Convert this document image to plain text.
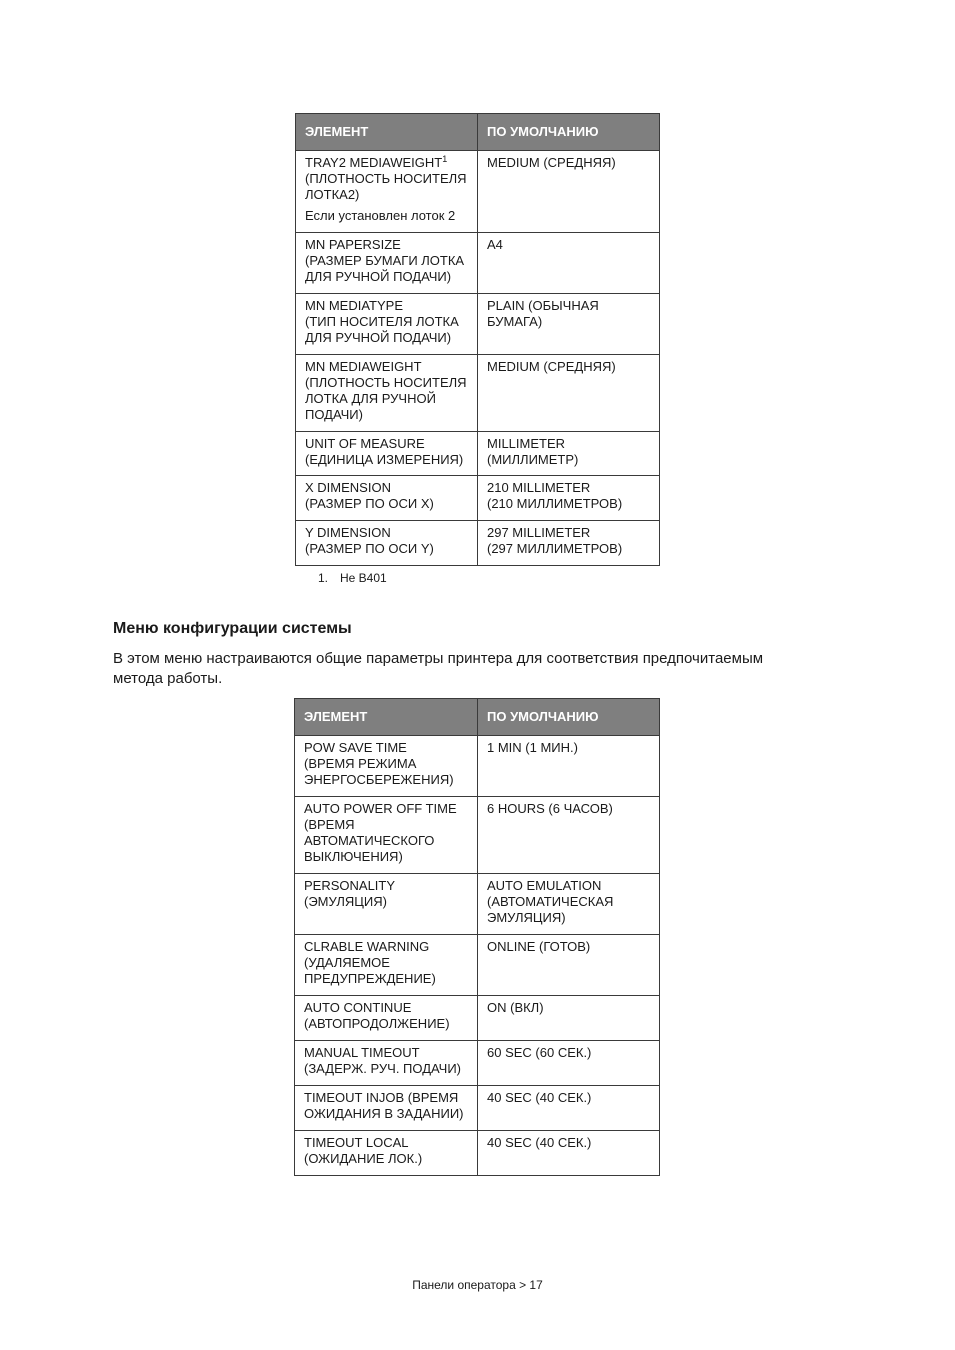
ЭЛЕМЕНТ	ПО УМОЛЧАНИЮ

TRAY2 MEDIAWEIGHT$^1$
(ПЛОТНОСТЬ НОСИТЕЛЯ
ЛОТКА2)
Если установлен лоток 2	MEDIUM (СРЕДНЯЯ)

MN PAPERSIZE
(РАЗМЕР БУМАГИ ЛОТКА
ДЛЯ РУЧНОЙ ПОДАЧИ)	A4

MN MEDIATYPE
(ТИП НОСИТЕЛЯ ЛОТКА
ДЛЯ РУЧНОЙ ПОДАЧИ)	PLAIN (ОБЫЧНАЯ БУМАГА)

MN MEDIAWEIGHT
(ПЛОТНОСТЬ НОСИТЕЛЯ
ЛОТКА ДЛЯ РУЧНОЙ
ПОДАЧИ)	MEDIUM (СРЕДНЯЯ)

UNIT OF MEASURE
(ЕДИНИЦА ИЗМЕРЕНИЯ)	MILLIMETER
(МИЛЛИМЕТР)

X DIMENSION
(РАЗМЕР ПО ОСИ X)	210 MILLIMETER
(210 МИЛЛИМЕТРОВ)

Y DIMENSION
(РАЗМЕР ПО ОСИ Y)	297 MILLIMETER
(297 МИЛЛИМЕТРОВ)
1. Не B401
Меню конфигурации системы

В этом меню настраиваются общие параметры принтера для соответствия предпочитаемым
метода работы.

ЭЛЕМЕНТ	ПО УМОЛЧАНИЮ

POW SAVE TIME
(ВРЕМЯ РЕЖИМА
ЭНЕРГОСБЕРЕЖЕНИЯ)	1 MIN (1 МИН.)

AUTO POWER OFF TIME
(ВРЕМЯ
АВТОМАТИЧЕСКОГО
ВЫКЛЮЧЕНИЯ)	6 HOURS (6 ЧАСОВ)

PERSONALITY
(ЭМУЛЯЦИЯ)	AUTO EMULATION
(АВТОМАТИЧЕСКАЯ
ЭМУЛЯЦИЯ)

CLRABLE WARNING
(УДАЛЯЕМОЕ
ПРЕДУПРЕЖДЕНИЕ)	ONLINE (ГОТОВ)

AUTO CONTINUE
(АВТОПРОДОЛЖЕНИЕ)	ON (ВКЛ)

MANUAL TIMEOUT
(ЗАДЕРЖ. РУЧ. ПОДАЧИ)	60 SEC (60 СЕК.)

TIMEOUT INJOB (ВРЕМЯ
ОЖИДАНИЯ В ЗАДАНИИ)	40 SEC (40 СЕК.)

TIMEOUT LOCAL
(ОЖИДАНИЕ ЛОК.)	40 SEC (40 СЕК.)
Панели оператора > 17
